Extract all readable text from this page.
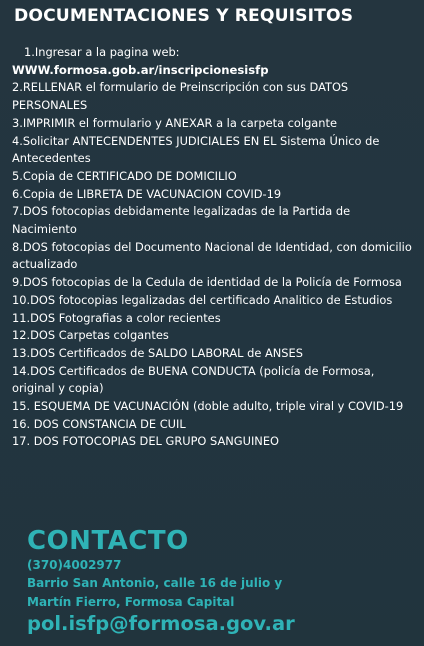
DOCUMENTACIONES Y REQUISITOS

1.Ingresar a la pagina web:

WWW.formosa.gob.ar/inscripcionesisfp

2.RELLENAR el formulario de Preinscripción con sus DATOS PERSONALES

3.IMPRIMIR el formulario y ANEXAR a la carpeta colgante

4.Solicitar ANTECENDENTES JUDICIALES EN EL Sistema Único de Antecedentes

5.Copia de CERTIFICADO DE DOMICILIO

6.Copia de LIBRETA DE VACUNACION COVID-19

7.DOS fotocopias debidamente legalizadas de la Partida de Nacimiento

8.DOS fotocopias del Documento Nacional de Identidad, con domicilio actualizado

9.DOS fotocopias de la Cedula de identidad de la Policía de Formosa

10.DOS fotocopias legalizadas del certificado Analitico de Estudios

11.DOS Fotografias a color recientes

12.DOS Carpetas colgantes

13.DOS Certificados de SALDO LABORAL de ANSES

14.DOS Certificados de BUENA CONDUCTA (policía de Formosa, original y copia)

15. ESQUEMA DE VACUNACIÓN (doble adulto, triple viral y COVID-19

16. DOS CONSTANCIA DE CUIL

17. DOS FOTOCOPIAS DEL GRUPO SANGUINEO

CONTACTO

(370)4002977

Barrio San Antonio, calle 16 de julio y

Martín Fierro, Formosa Capital

pol.isfp@formosa.gov.ar
